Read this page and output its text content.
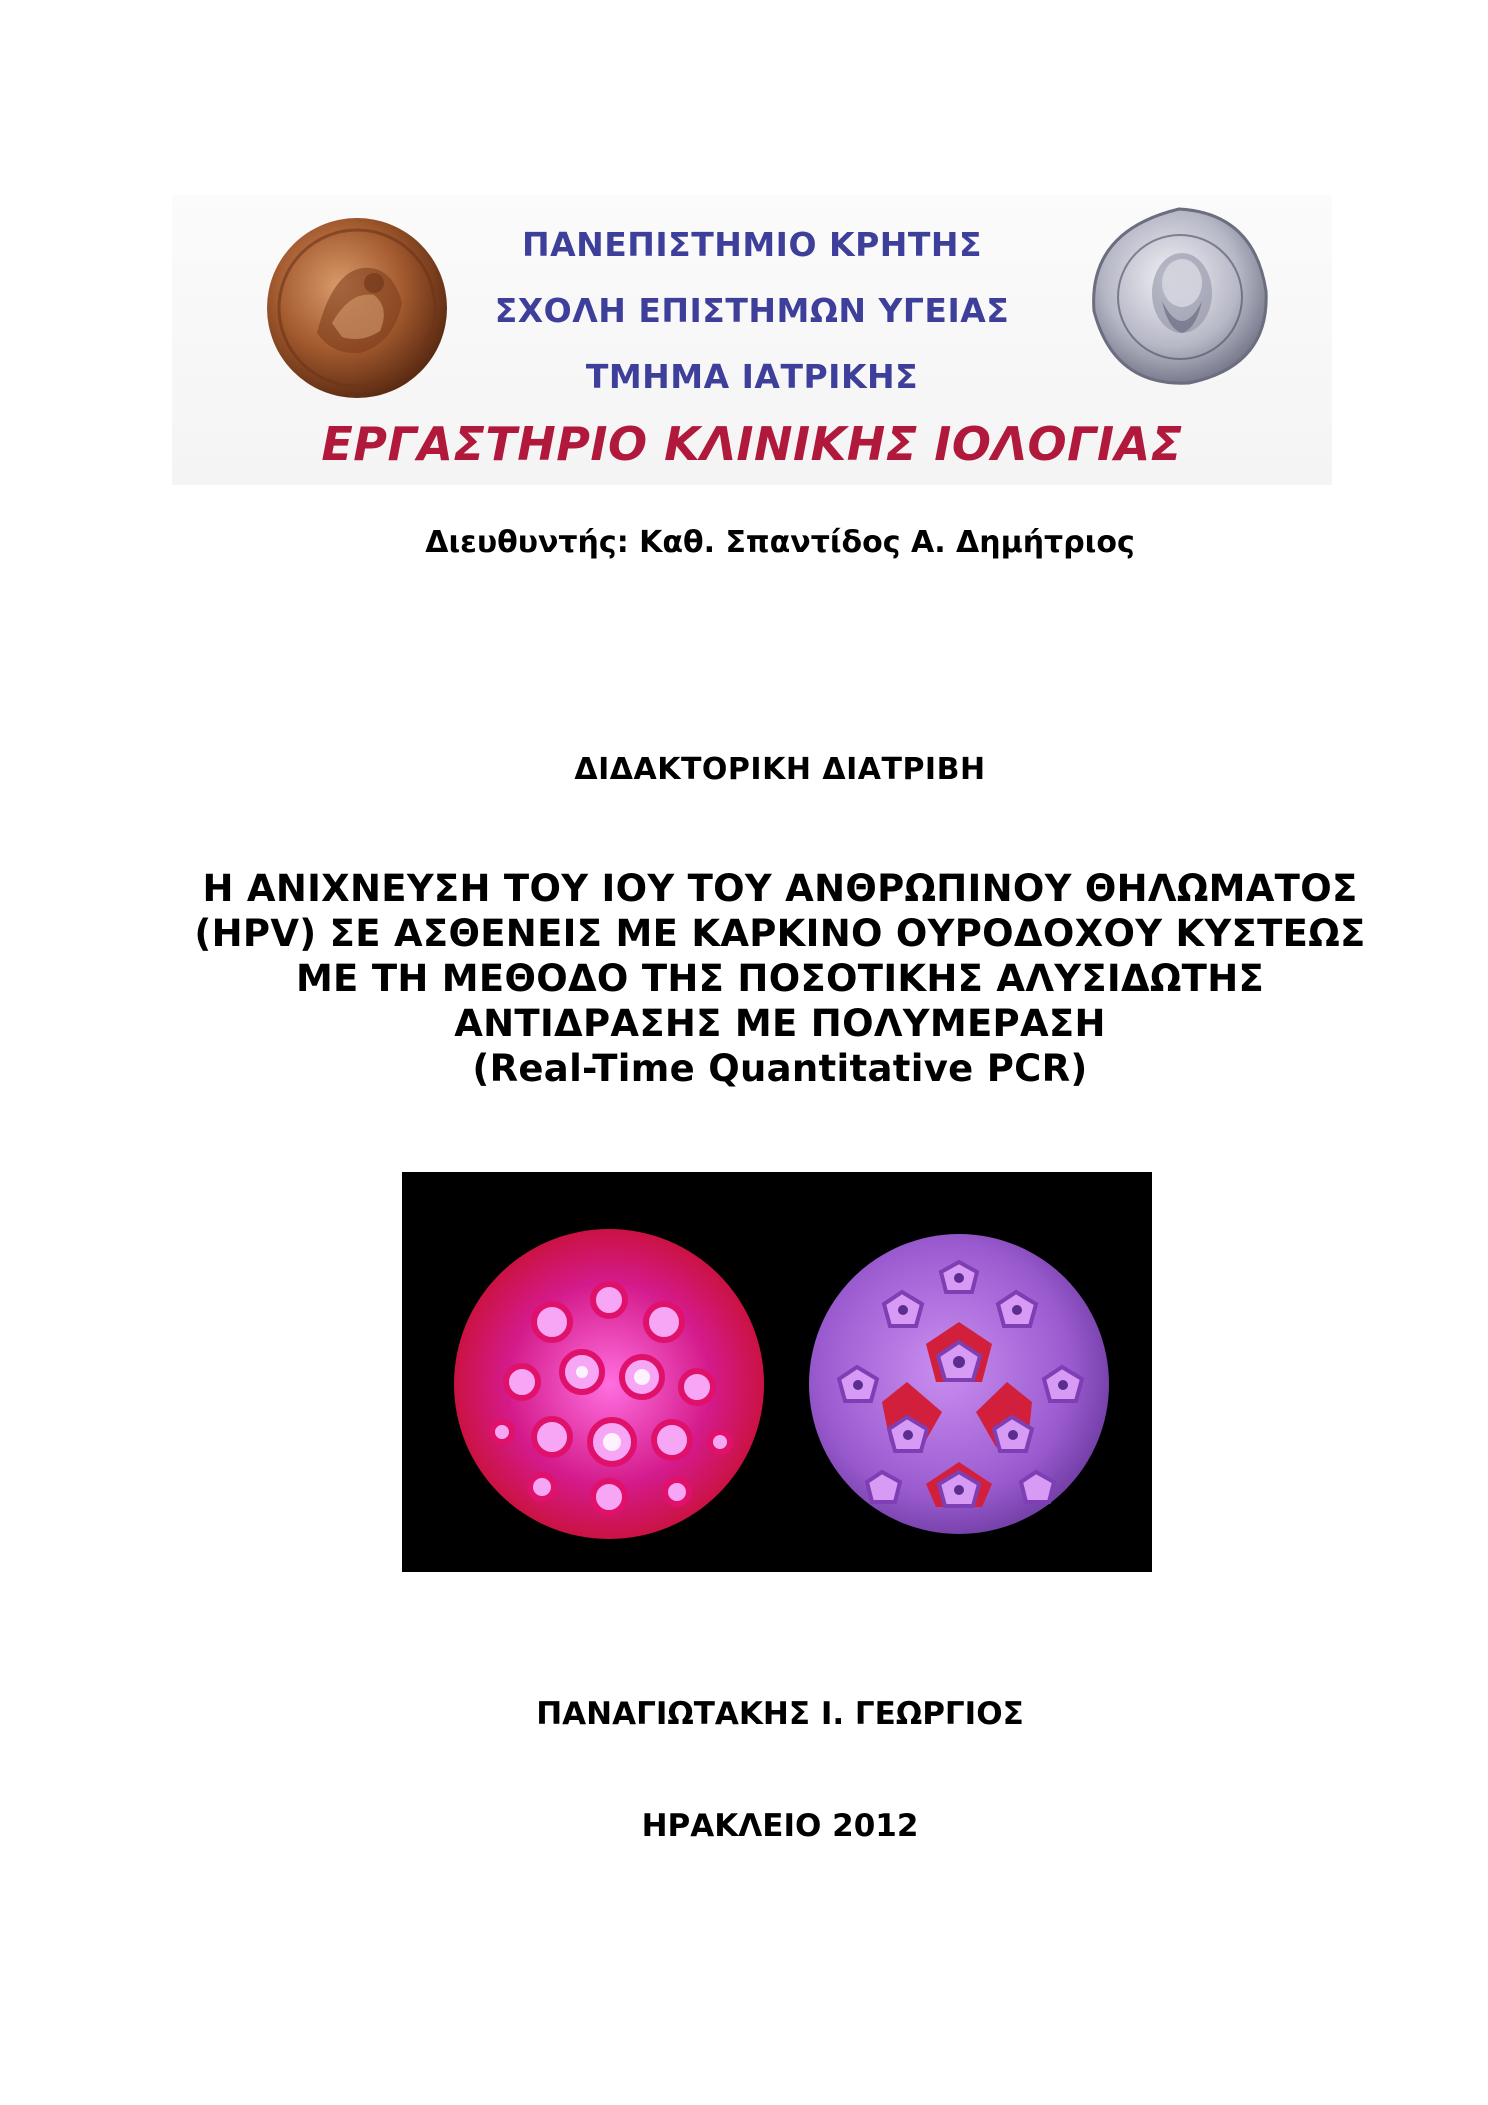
ΠΑΝΕΠΙΣΤΗΜΙΟ ΚΡΗΤΗΣ
ΣΧΟΛΗ ΕΠΙΣΤΗΜΩΝ ΥΓΕΙΑΣ
ΤΜΗΜΑ ΙΑΤΡΙΚΗΣ
ΕΡΓΑΣΤΗΡΙΟ ΚΛΙΝΙΚΗΣ ΙΟΛΟΓΙΑΣ
Διευθυντής: Καθ. Σπαντίδος Α. Δημήτριος
ΔΙΔΑΚΤΟΡΙΚΗ ΔΙΑΤΡΙΒΗ
Η ΑΝΙΧΝΕΥΣΗ ΤΟΥ ΙΟΥ ΤΟΥ ΑΝΘΡΩΠΙΝΟΥ ΘΗΛΩΜΑΤΟΣ
(HPV) ΣΕ ΑΣΘΕΝΕΙΣ ΜΕ ΚΑΡΚΙΝΟ ΟΥΡΟΔΟΧΟΥ ΚΥΣΤΕΩΣ
ΜΕ ΤΗ ΜΕΘΟΔΟ ΤΗΣ ΠΟΣΟΤΙΚΗΣ ΑΛΥΣΙΔΩΤΗΣ
ΑΝΤΙΔΡΑΣΗΣ ΜΕ ΠΟΛΥΜΕΡΑΣΗ
(Real-Time Quantitative PCR)
ΠΑΝΑΓΙΩΤΑΚΗΣ Ι. ΓΕΩΡΓΙΟΣ
ΗΡΑΚΛΕΙΟ 2012
